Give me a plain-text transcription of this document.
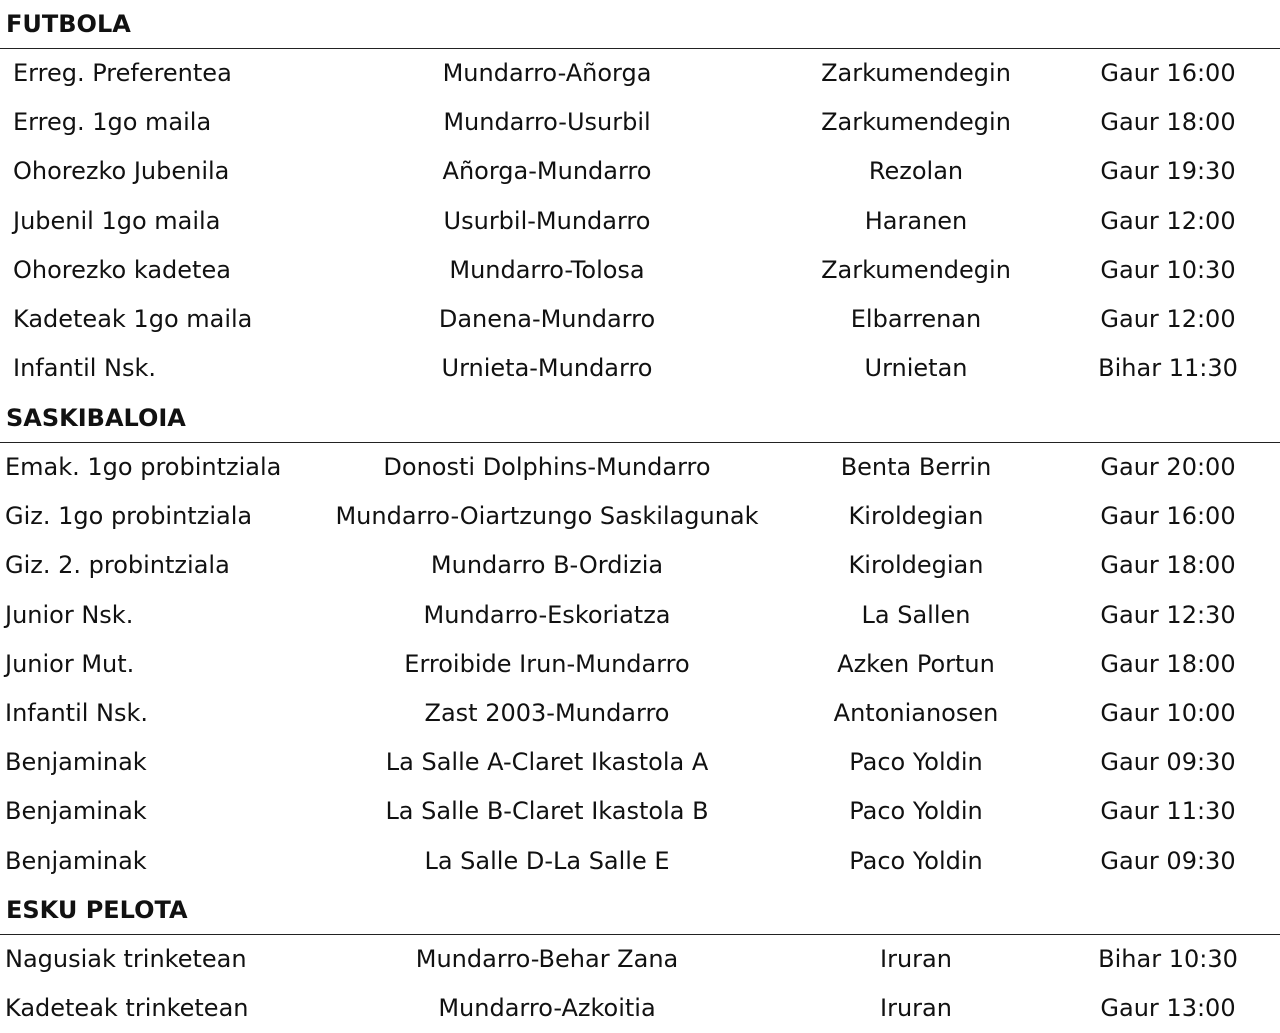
FUTBOLA
Erreg. Preferentea	Mundarro-Añorga	Zarkumendegin	Gaur 16:00
Erreg. 1go maila	Mundarro-Usurbil	Zarkumendegin	Gaur 18:00
Ohorezko Jubenila	Añorga-Mundarro	Rezolan	Gaur 19:30
Jubenil 1go maila	Usurbil-Mundarro	Haranen	Gaur 12:00
Ohorezko kadetea	Mundarro-Tolosa	Zarkumendegin	Gaur 10:30
Kadeteak 1go maila	Danena-Mundarro	Elbarrenan	Gaur 12:00
Infantil Nsk.	Urnieta-Mundarro	Urnietan	Bihar 11:30
SASKIBALOIA
Emak. 1go probintziala	Donosti Dolphins-Mundarro	Benta Berrin	Gaur 20:00
Giz. 1go probintziala	Mundarro-Oiartzungo Saskilagunak	Kiroldegian	Gaur 16:00
Giz. 2. probintziala	Mundarro B-Ordizia	Kiroldegian	Gaur 18:00
Junior Nsk.	Mundarro-Eskoriatza	La Sallen	Gaur 12:30
Junior Mut.	Erroibide Irun-Mundarro	Azken Portun	Gaur 18:00
Infantil Nsk.	Zast 2003-Mundarro	Antonianosen	Gaur 10:00
Benjaminak	La Salle A-Claret Ikastola A	Paco Yoldin	Gaur 09:30
Benjaminak	La Salle B-Claret Ikastola B	Paco Yoldin	Gaur 11:30
Benjaminak	La Salle D-La Salle E	Paco Yoldin	Gaur 09:30
ESKU PELOTA
Nagusiak trinketean	Mundarro-Behar Zana	Iruran	Bihar 10:30
Kadeteak trinketean	Mundarro-Azkoitia	Iruran	Gaur 13:00
